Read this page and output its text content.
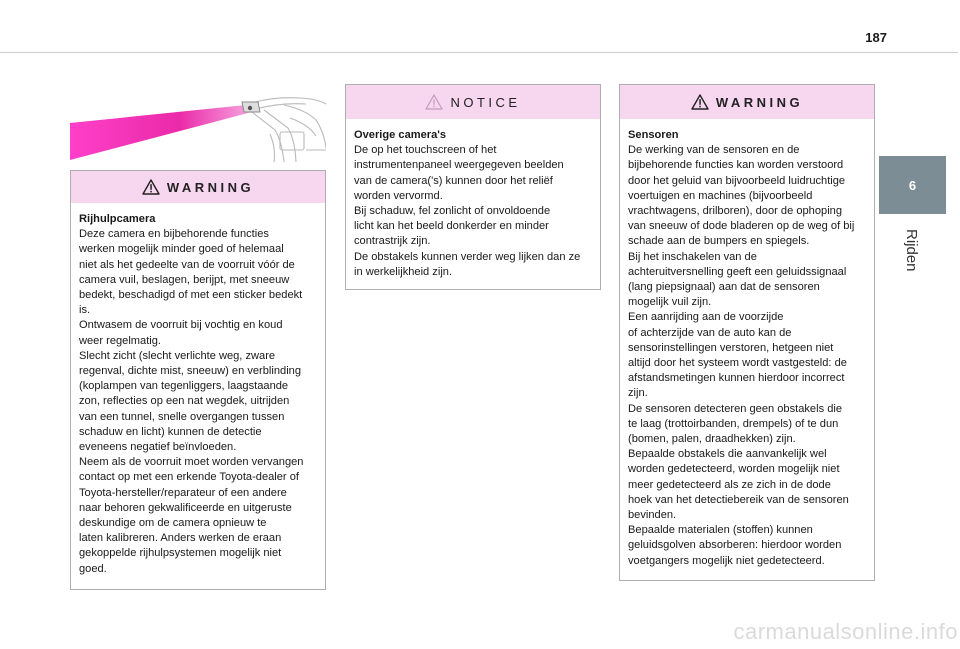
187
6
Rijden
WARNING

Rijhulpcamera

Deze camera en bijbehorende functies

werken mogelijk minder goed of helemaal

niet als het gedeelte van de voorruit vóór de

camera vuil, beslagen, berijpt, met sneeuw

bedekt, beschadigd of met een sticker bedekt

is.

Ontwasem de voorruit bij vochtig en koud

weer regelmatig.

Slecht zicht (slecht verlichte weg, zware

regenval, dichte mist, sneeuw) en verblinding

(koplampen van tegenliggers, laagstaande

zon, reflecties op een nat wegdek, uitrijden

van een tunnel, snelle overgangen tussen

schaduw en licht) kunnen de detectie

eveneens negatief beïnvloeden.

Neem als de voorruit moet worden vervangen

contact op met een erkende Toyota-dealer of

Toyota-hersteller/reparateur of een andere

naar behoren gekwalificeerde en uitgeruste

deskundige om de camera opnieuw te

laten kalibreren. Anders werken de eraan

gekoppelde rijhulpsystemen mogelijk niet

goed.

NOTICE

Overige camera's

De op het touchscreen of het

instrumentenpaneel weergegeven beelden

van de camera('s) kunnen door het reliëf

worden vervormd.

Bij schaduw, fel zonlicht of onvoldoende

licht kan het beeld donkerder en minder

contrastrijk zijn.

De obstakels kunnen verder weg lijken dan ze

in werkelijkheid zijn.

WARNING

Sensoren

De werking van de sensoren en de

bijbehorende functies kan worden verstoord

door het geluid van bijvoorbeeld luidruchtige

voertuigen en machines (bijvoorbeeld

vrachtwagens, drilboren), door de ophoping

van sneeuw of dode bladeren op de weg of bij

schade aan de bumpers en spiegels.

Bij het inschakelen van de

achteruitversnelling geeft een geluidssignaal

(lang piepsignaal) aan dat de sensoren

mogelijk vuil zijn.

Een aanrijding aan de voorzijde

of achterzijde van de auto kan de

sensorinstellingen verstoren, hetgeen niet

altijd door het systeem wordt vastgesteld: de

afstandsmetingen kunnen hierdoor incorrect

zijn.

De sensoren detecteren geen obstakels die

te laag (trottoirbanden, drempels) of te dun

(bomen, palen, draadhekken) zijn.

Bepaalde obstakels die aanvankelijk wel

worden gedetecteerd, worden mogelijk niet

meer gedetecteerd als ze zich in de dode

hoek van het detectiebereik van de sensoren

bevinden.

Bepaalde materialen (stoffen) kunnen

geluidsgolven absorberen: hierdoor worden

voetgangers mogelijk niet gedetecteerd.

carmanualsonline.info
